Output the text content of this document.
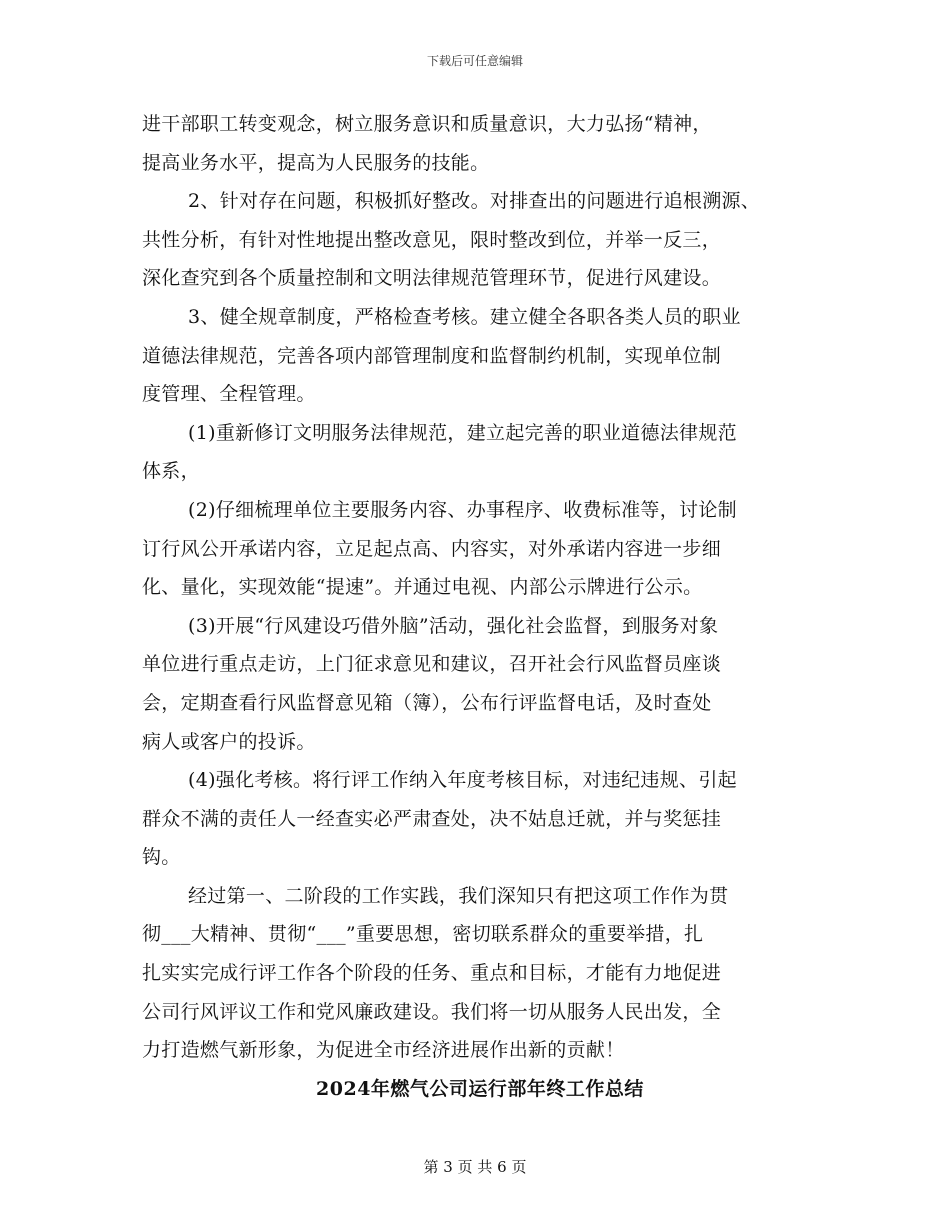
下载后可任意编辑
进干部职工转变观念，树立服务意识和质量意识，大力弘扬“精神，
提高业务水平，提高为人民服务的技能。
2、针对存在问题，积极抓好整改。对排查出的问题进行追根溯源、
共性分析，有针对性地提出整改意见，限时整改到位，并举一反三，
深化查究到各个质量控制和文明法律规范管理环节，促进行风建设。
3、健全规章制度，严格检查考核。建立健全各职各类人员的职业
道德法律规范，完善各项内部管理制度和监督制约机制，实现单位制
度管理、全程管理。
(1)重新修订文明服务法律规范，建立起完善的职业道德法律规范
体系，
(2)仔细梳理单位主要服务内容、办事程序、收费标准等，讨论制
订行风公开承诺内容，立足起点高、内容实，对外承诺内容进一步细
化、量化，实现效能“提速”。并通过电视、内部公示牌进行公示。
(3)开展“行风建设巧借外脑”活动，强化社会监督，到服务对象
单位进行重点走访，上门征求意见和建议，召开社会行风监督员座谈
会，定期查看行风监督意见箱（簿），公布行评监督电话，及时查处
病人或客户的投诉。
(4)强化考核。将行评工作纳入年度考核目标，对违纪违规、引起
群众不满的责任人一经查实必严肃查处，决不姑息迁就，并与奖惩挂
钩。
经过第一、二阶段的工作实践，我们深知只有把这项工作作为贯
彻___大精神、贯彻“___”重要思想，密切联系群众的重要举措，扎
扎实实完成行评工作各个阶段的任务、重点和目标，才能有力地促进
公司行风评议工作和党风廉政建设。我们将一切从服务人民出发，全
力打造燃气新形象，为促进全市经济进展作出新的贡献！
2024年燃气公司运行部年终工作总结
第 3 页 共 6 页
